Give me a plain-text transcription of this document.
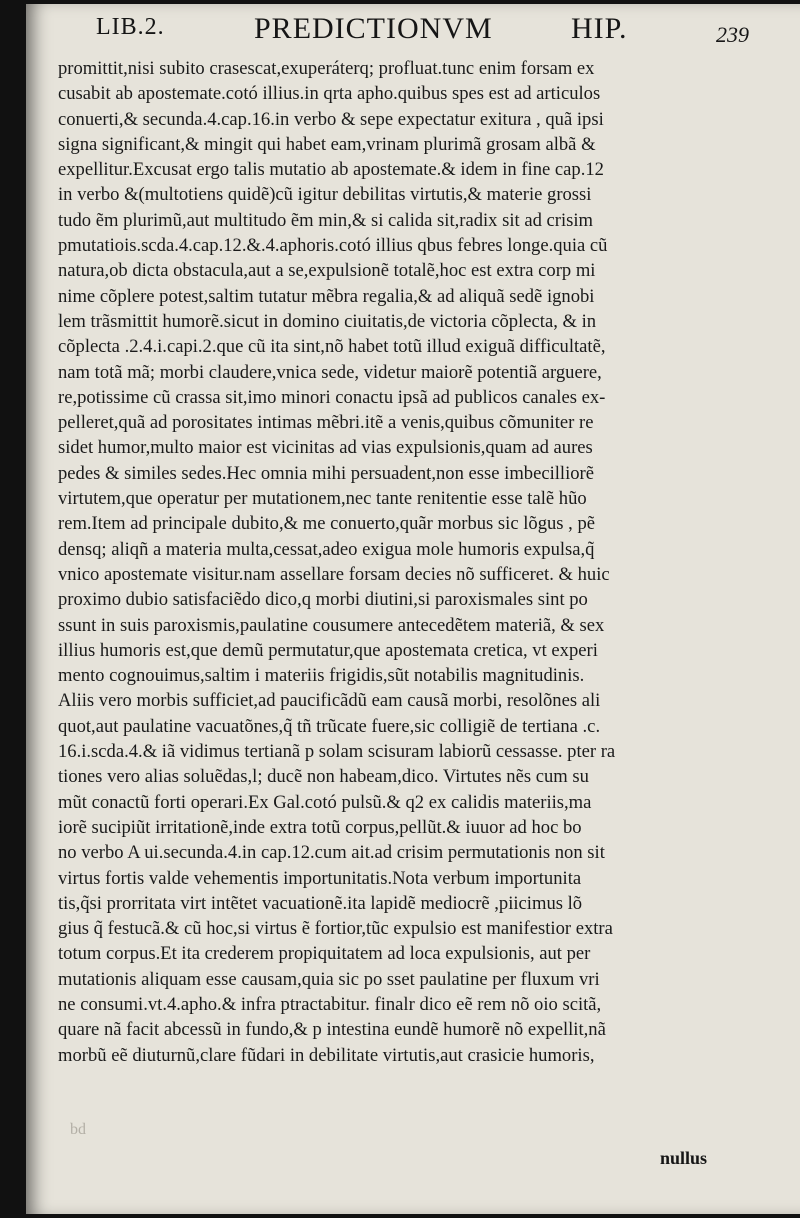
LIB.2.	PREDICTIONVM	HIP.	239
promittit,nisi subito crasescat,exuperáterq; profluat.tunc enim forsam ex
cusabit ab apostemate.cotó illius.in qrta apho.quibus spes est ad articulos
conuerti,& secunda.4.cap.16.in verbo & sepe expectatur exitura , quã ipsi
signa significant,& mingit qui habet eam,vrinam plurimã grosam albã &
expellitur.Excusat ergo talis mutatio ab apostemate.& idem in fine cap.12
in verbo &(multotiens quidẽ)cũ igitur debilitas virtutis,& materie grossi
tudo ẽm plurimũ,aut multitudo ẽm min,& si calida sit,radix sit ad crisim
pmutatiois.scda.4.cap.12.&.4.aphoris.cotó illius qbus febres longe.quia cũ
natura,ob dicta obstacula,aut a se,expulsionẽ totalẽ,hoc est extra corp mi
nime cõplere potest,saltim tutatur mẽbra regalia,& ad aliquã sedẽ ignobi
lem trãsmittit humorẽ.sicut in domino ciuitatis,de victoria cõplecta, & in
cõplecta .2.4.i.capi.2.que cũ ita sint,nõ habet totũ illud exiguã difficultatẽ,
nam totã mã; morbi claudere,vnica sede, videtur maiorẽ potentiã arguere,
re,potissime cũ crassa sit,imo minori conactu ipsã ad publicos canales ex-
pelleret,quã ad porositates intimas mẽbri.itẽ a venis,quibus cõmuniter re
sidet humor,multo maior est vicinitas ad vias expulsionis,quam ad aures
pedes & similes sedes.Hec omnia mihi persuadent,non esse imbecilliorẽ
virtutem,que operatur per mutationem,nec tante renitentie esse talẽ hũo
rem.Item ad principale dubito,& me conuerto,quãr morbus sic lõgus , pẽ
densq; aliqñ a materia multa,cessat,adeo exigua mole humoris expulsa,q̃
vnico apostemate visitur.nam assellare forsam decies nõ sufficeret. & huic
proximo dubio satisfaciẽdo dico,q morbi diutini,si paroxismales sint po
ssunt in suis paroxismis,paulatine cousumere antecedẽtem materiã, & sex
illius humoris est,que demũ permutatur,que apostemata cretica, vt experi
mento cognouimus,saltim i materiis frigidis,sũt notabilis magnitudinis.
Aliis vero morbis sufficiet,ad paucificãdũ eam causã morbi, resolõnes ali
quot,aut paulatine vacuatõnes,q̃ tñ trũcate fuere,sic colligiẽ de tertiana .c.
16.i.scda.4.& iã vidimus tertianã p solam scisuram labiorũ cessasse. pter ra
tiones vero alias soluẽdas,l; ducẽ non habeam,dico. Virtutes nẽs cum su
mũt conactũ forti operari.Ex Gal.cotó pulsũ.& q2 ex calidis materiis,ma
iorẽ sucipiũt irritationẽ,inde extra totũ corpus,pellũt.& iuuor ad hoc bo
no verbo A ui.secunda.4.in cap.12.cum ait.ad crisim permutationis non sit
virtus fortis valde vehementis importunitatis.Nota verbum importunita
tis,q̃si prorritata virt intẽtet vacuationẽ.ita lapidẽ mediocrẽ ,piicimus lõ
gius q̃ festucã.& cũ hoc,si virtus ẽ fortior,tũc expulsio est manifestior extra
totum corpus.Et ita crederem propiquitatem ad loca expulsionis, aut per
mutationis aliquam esse causam,quia sic po sset paulatine per fluxum vri
ne consumi.vt.4.apho.& infra ptractabitur. finalr dico eẽ rem nõ oio scitã,
quare nã facit abcessũ in fundo,& p intestina eundẽ humorẽ nõ expellit,nã
morbũ eẽ diuturnũ,clare fũdari in debilitate virtutis,aut crasicie humoris,
bd
nullus
